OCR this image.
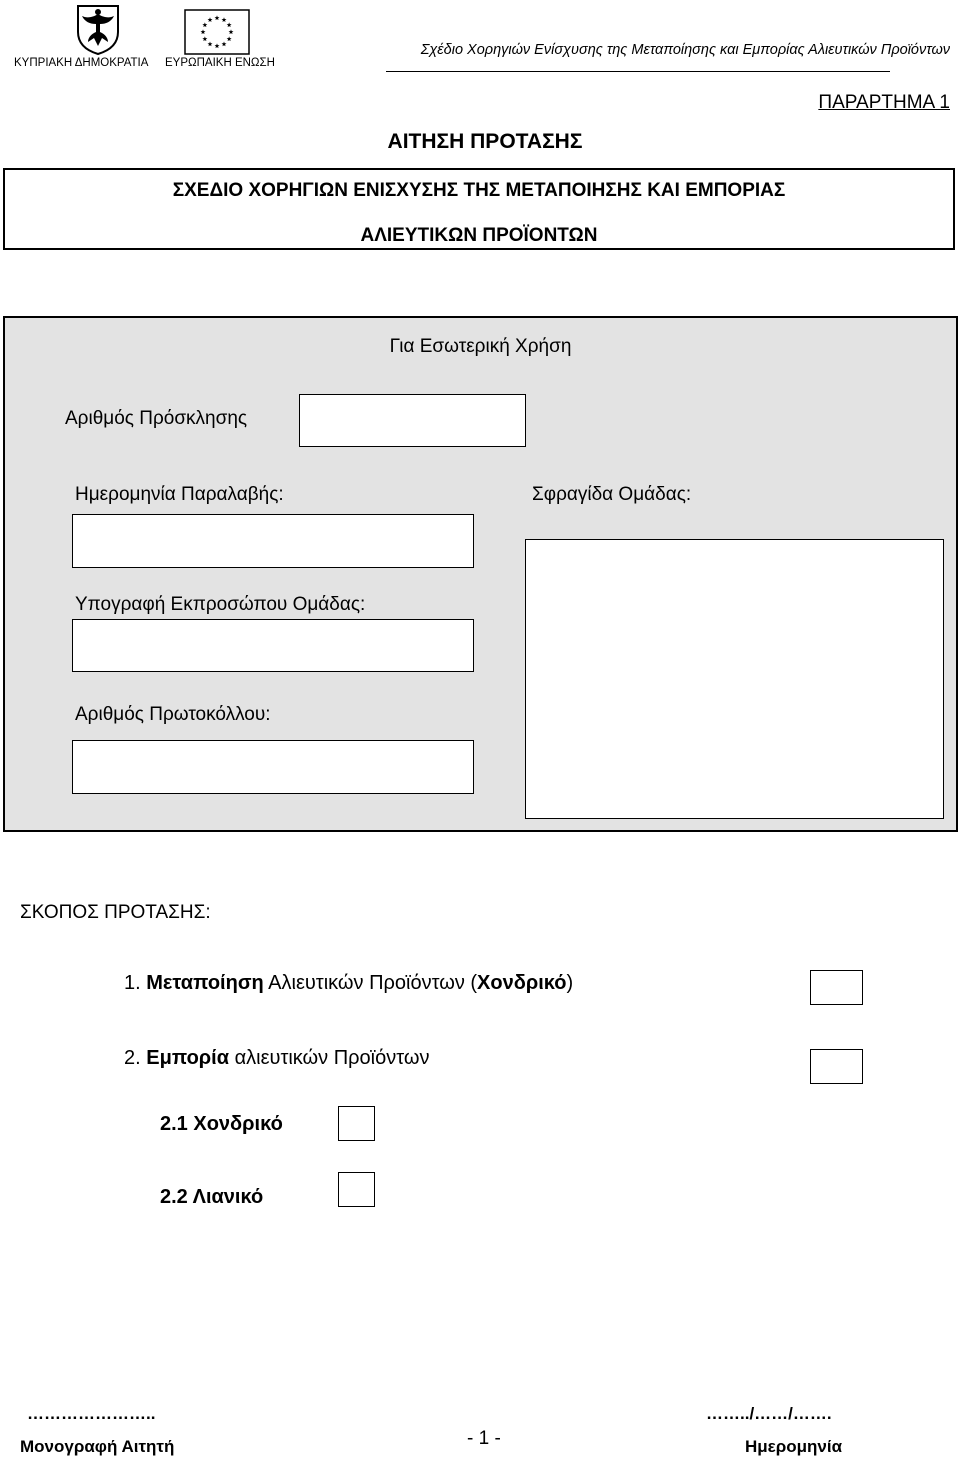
ΚΥΠΡΙΑΚΗ ΔΗΜΟΚΡΑΤΙΑ ΕΥΡΩΠΑΙΚΗ ΕΝΩΣΗ
Σχέδιο Χορηγιών Ενίσχυσης της Μεταποίησης και Εμπορίας Αλιευτικών Προϊόντων
ΠΑΡΑΡΤΗΜΑ 1
ΑΙΤΗΣΗ ΠΡΟΤΑΣΗΣ
ΣΧΕΔΙΟ ΧΟΡΗΓΙΩΝ ΕΝΙΣΧΥΣΗΣ ΤΗΣ ΜΕΤΑΠΟΙΗΣΗΣ ΚΑΙ ΕΜΠΟΡΙΑΣ
ΑΛΙΕΥΤΙΚΩΝ ΠΡΟΪΟΝΤΩΝ
Για Εσωτερική Χρήση
Αριθμός Πρόσκλησης
Ημερομηνία Παραλαβής:	Σφραγίδα Ομάδας:
Υπογραφή Εκπροσώπου Ομάδας:
Αριθμός Πρωτοκόλλου:
ΣΚΟΠΟΣ ΠΡΟΤΑΣΗΣ:
1. Μεταποίηση Αλιευτικών Προϊόντων (Χονδρικό)
2. Εμπορία αλιευτικών Προϊόντων
2.1 Χονδρικό
2.2 Λιανικό
…………………..
Μονογραφή Αιτητή	- 1 -
……../……/…….
Ημερομηνία
